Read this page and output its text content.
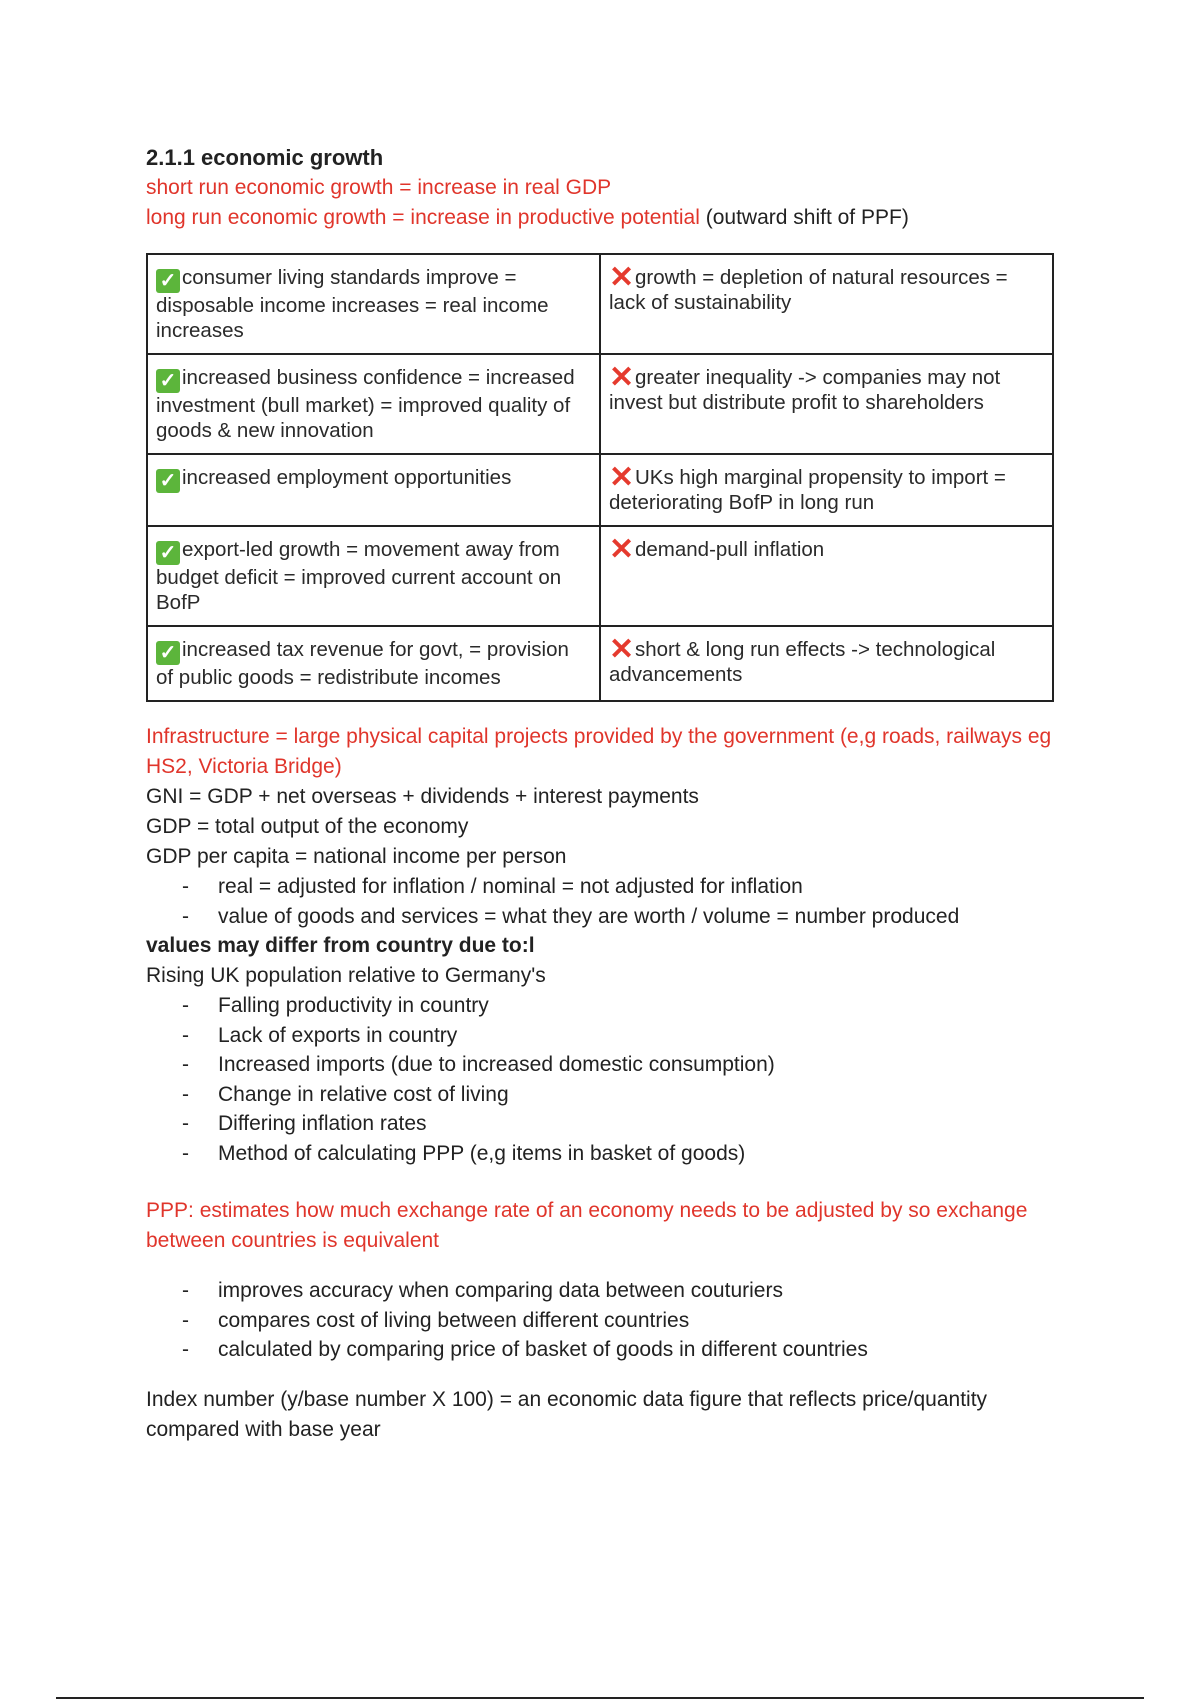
2.1.1 economic growth

short run economic growth = increase in real GDP

long run economic growth = increase in productive potential (outward shift of PPF)

✓ consumer living standards improve = disposable income increases = real income increases	✕growth = depletion of natural resources = lack of sustainability
✓ increased business confidence = increased investment (bull market) = improved quality of goods & new innovation	✕greater inequality -> companies may not invest but distribute profit to shareholders
✓ increased employment opportunities	✕UKs high marginal propensity to import = deteriorating BofP in long run
✓ export-led growth = movement away from budget deficit = improved current account on BofP	✕demand-pull inflation
✓ increased tax revenue for govt, = provision of public goods = redistribute incomes	✕short & long run effects -> technological advancements

Infrastructure = large physical capital projects provided by the government (e,g roads, railways eg HS2, Victoria Bridge)

GNI = GDP + net overseas + dividends + interest payments

GDP = total output of the economy

GDP per capita = national income per person

- real = adjusted for inflation / nominal = not adjusted for inflation
- value of goods and services = what they are worth / volume = number produced

values may differ from country due to:l

Rising UK population relative to Germany's

- Falling productivity in country
- Lack of exports in country
- Increased imports (due to increased domestic consumption)
- Change in relative cost of living
- Differing inflation rates
- Method of calculating PPP (e,g items in basket of goods)

PPP: estimates how much exchange rate of an economy needs to be adjusted by so exchange between countries is equivalent

- improves accuracy when comparing data between couturiers
- compares cost of living between different countries
- calculated by comparing price of basket of goods in different countries

Index number (y/base number X 100) = an economic data figure that reflects price/quantity compared with base year
